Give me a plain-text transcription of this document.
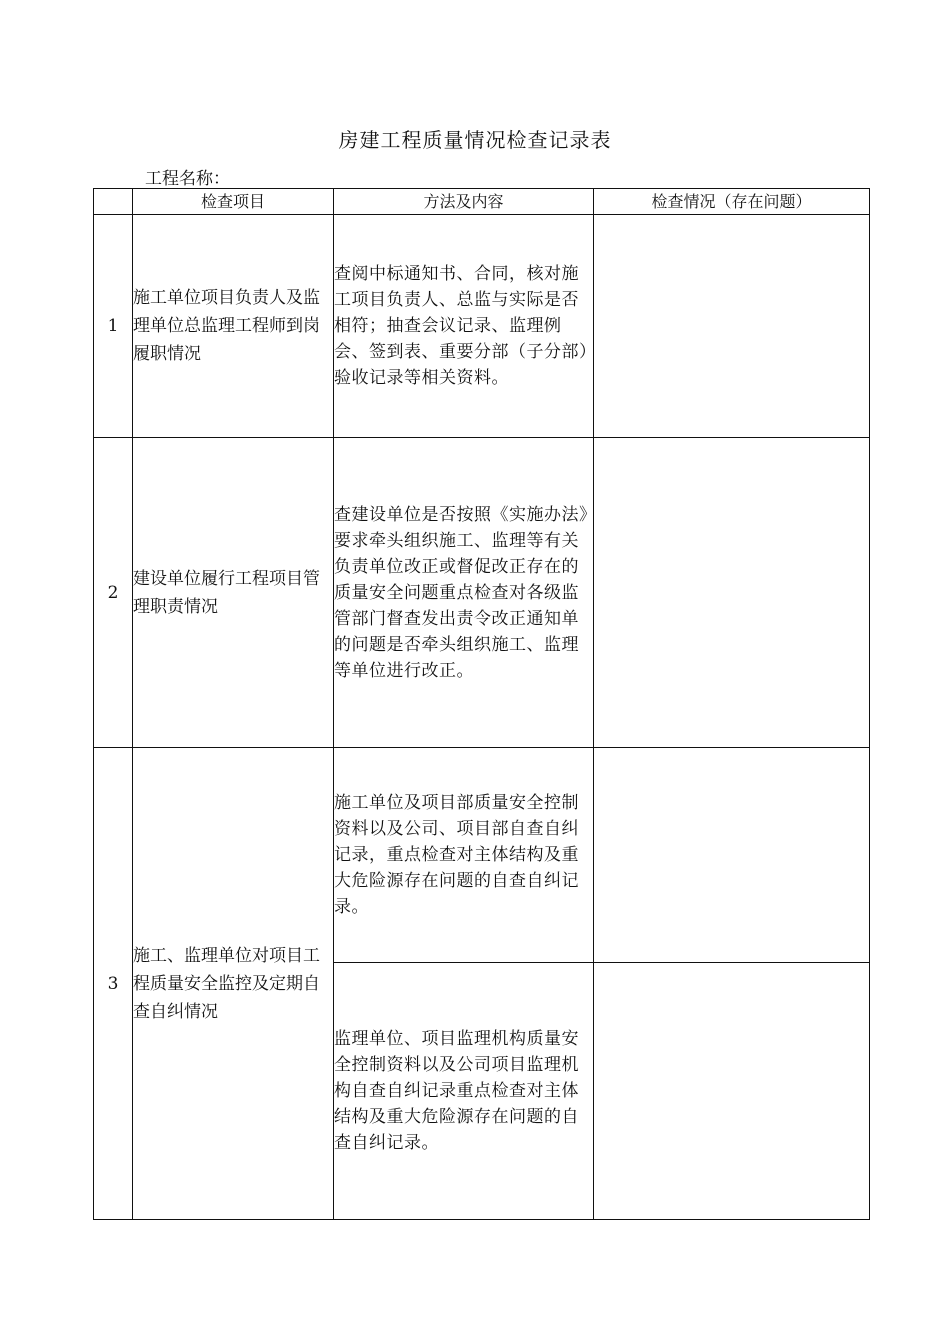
房建工程质量情况检查记录表
工程名称：
	检查项目	方法及内容	检查情况（存在问题）
1	施工单位项目负责人及监理单位总监理工程师到岗履职情况	查阅中标通知书、合同，核对施工项目负责人、总监与实际是否相符；抽查会议记录、监理例会、签到表、重要分部（子分部）验收记录等相关资料。	
2	建设单位履行工程项目管理职责情况	查建设单位是否按照《实施办法》要求牵头组织施工、监理等有关负责单位改正或督促改正存在的质量安全问题重点检查对各级监管部门督查发出责令改正通知单的问题是否牵头组织施工、监理等单位进行改正。	
3	施工、监理单位对项目工程质量安全监控及定期自查自纠情况	施工单位及项目部质量安全控制资料以及公司、项目部自查自纠记录，重点检查对主体结构及重大危险源存在问题的自查自纠记录。	
		监理单位、项目监理机构质量安全控制资料以及公司项目监理机构自查自纠记录重点检查对主体结构及重大危险源存在问题的自查自纠记录。	
